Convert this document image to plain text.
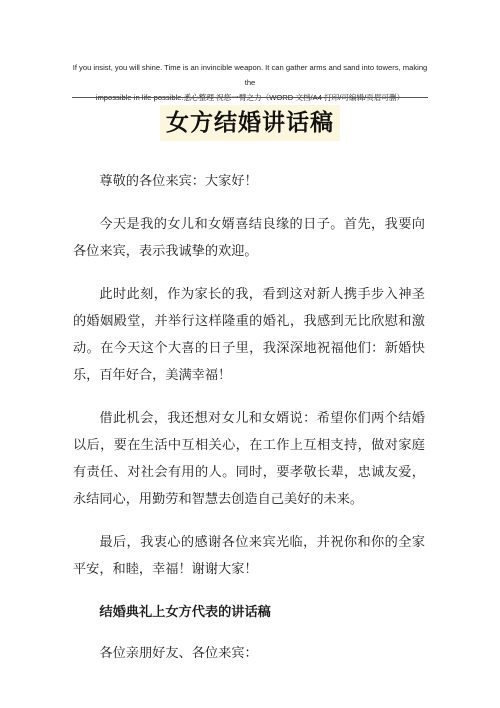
If you insist, you will shine. Time is an invincible weapon. It can gather arms and sand into towers, making the
impossible in life possible.悉心整理 祝您一臂之力（WORD 文档/A4 打印/可编辑/页眉可删）
女方结婚讲话稿

尊敬的各位来宾：大家好！

今天是我的女儿和女婿喜结良缘的日子。首先，我要向各位来宾，表示我诚挚的欢迎。

此时此刻，作为家长的我，看到这对新人携手步入神圣的婚姻殿堂，并举行这样隆重的婚礼，我感到无比欣慰和激动。在今天这个大喜的日子里，我深深地祝福他们：新婚快乐，百年好合，美满幸福！

借此机会，我还想对女儿和女婿说：希望你们两个结婚以后，要在生活中互相关心，在工作上互相支持，做对家庭有责任、对社会有用的人。同时，要孝敬长辈，忠诚友爱，永结同心，用勤劳和智慧去创造自己美好的未来。

最后，我衷心的感谢各位来宾光临，并祝你和你的全家平安，和睦，幸福！谢谢大家！

结婚典礼上女方代表的讲话稿

各位亲朋好友、各位来宾：
